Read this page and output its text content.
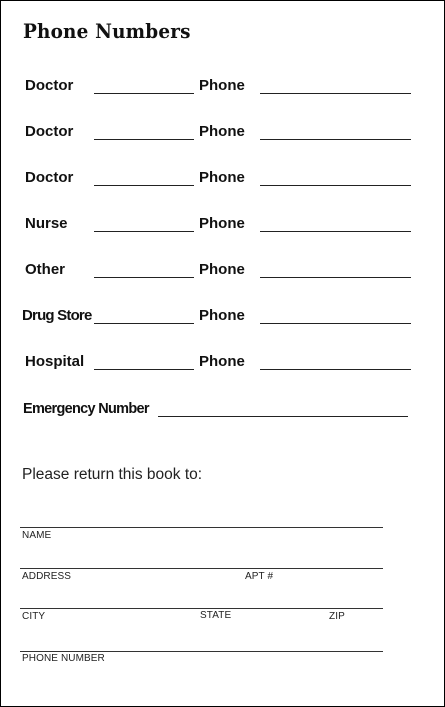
Phone Numbers
Doctor	Phone
Doctor	Phone
Doctor	Phone
Nurse	Phone
Other	Phone
Drug Store	Phone
Hospital	Phone
Emergency Number
Please return this book to:
NAME
ADDRESS	APT #
CITY	STATE	ZIP
PHONE NUMBER
